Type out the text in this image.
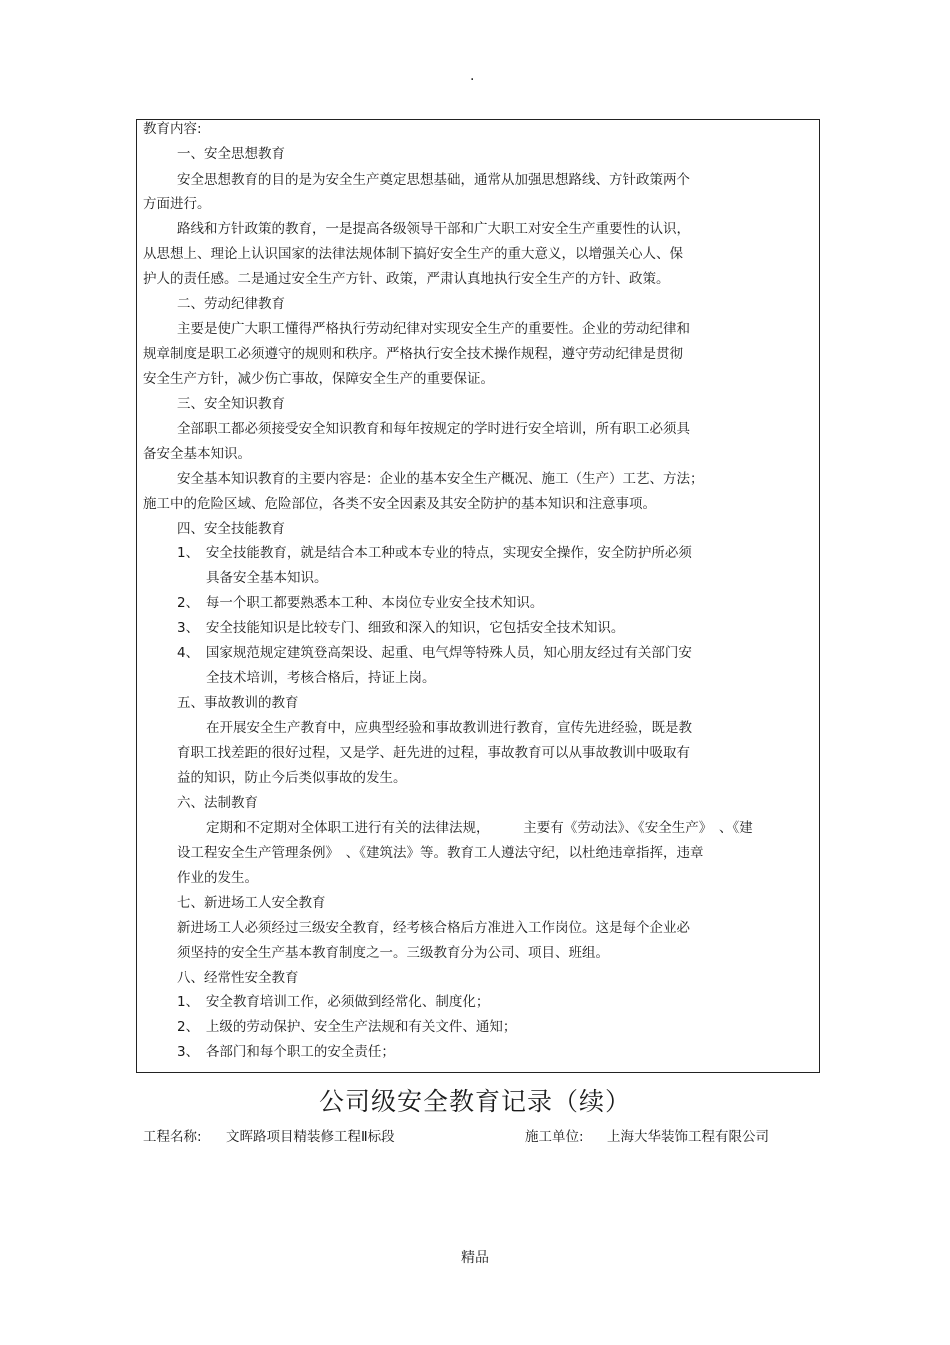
·
教育内容:
一、安全思想教育
安全思想教育的目的是为安全生产奠定思想基础，通常从加强思想路线、方针政策两个
方面进行。
路线和方针政策的教育，一是提高各级领导干部和广大职工对安全生产重要性的认识，
从思想上、理论上认识国家的法律法规体制下搞好安全生产的重大意义，以增强关心人、保
护人的责任感。二是通过安全生产方针、政策，严肃认真地执行安全生产的方针、政策。
二、劳动纪律教育
主要是使广大职工懂得严格执行劳动纪律对实现安全生产的重要性。企业的劳动纪律和
规章制度是职工必须遵守的规则和秩序。严格执行安全技术操作规程，遵守劳动纪律是贯彻
安全生产方针，减少伤亡事故，保障安全生产的重要保证。
三、安全知识教育
全部职工都必须接受安全知识教育和每年按规定的学时进行安全培训，所有职工必须具
备安全基本知识。
安全基本知识教育的主要内容是：企业的基本安全生产概况、施工（生产）工艺、方法；
施工中的危险区域、危险部位，各类不安全因素及其安全防护的基本知识和注意事项。
四、安全技能教育
1、　安全技能教育，就是结合本工种或本专业的特点，实现安全操作，安全防护所必须
具备安全基本知识。
2、　每一个职工都要熟悉本工种、本岗位专业安全技术知识。
3、　安全技能知识是比较专门、细致和深入的知识，它包括安全技术知识。
4、　国家规范规定建筑登高架设、起重、电气焊等特殊人员，知心朋友经过有关部门安
全技术培训，考核合格后，持证上岗。
五、事故教训的教育
在开展安全生产教育中，应典型经验和事故教训进行教育，宣传先进经验，既是教
育职工找差距的很好过程，又是学、赶先进的过程，事故教育可以从事故教训中吸取有
益的知识，防止今后类似事故的发生。
六、法制教育
定期和不定期对全体职工进行有关的法律法规，　　　主要有《劳动法》、《安全生产》　、《建
设工程安全生产管理条例》　、《建筑法》等。教育工人遵法守纪，以杜绝违章指挥，违章
作业的发生。
七、新进场工人安全教育
新进场工人必须经过三级安全教育，经考核合格后方准进入工作岗位。这是每个企业必
须坚持的安全生产基本教育制度之一。三级教育分为公司、项目、班组。
八、经常性安全教育
1、　安全教育培训工作，必须做到经常化、制度化；
2、　上级的劳动保护、安全生产法规和有关文件、通知；
3、　各部门和每个职工的安全责任；
公司级安全教育记录（续）
工程名称: 文晖路项目精装修工程Ⅱ标段	施工单位: 上海大华装饰工程有限公司
精品
